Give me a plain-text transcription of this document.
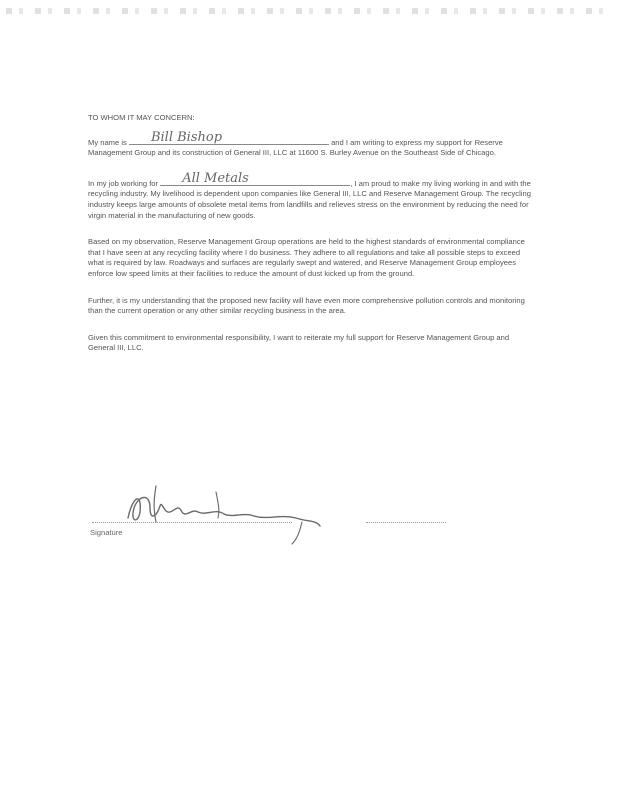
TO WHOM IT MAY CONCERN:

My name is Bill Bishop	and I am writing to express my support for Reserve Management Group and its construction of General III, LLC at 11600 S. Burley Avenue on the Southeast Side of Chicago.

In my job working for All Metals	, I am proud to make my living working in and with the recycling industry. My livelihood is dependent upon companies like General III, LLC and Reserve Management Group. The recycling industry keeps large amounts of obsolete metal items from landfills and relieves stress on the environment by reducing the need for virgin material in the manufacturing of new goods.

Based on my observation, Reserve Management Group operations are held to the highest standards of environmental compliance that I have seen at any recycling facility where I do business. They adhere to all regulations and take all possible steps to exceed what is required by law. Roadways and surfaces are regularly swept and watered, and Reserve Management Group employees enforce low speed limits at their facilities to reduce the amount of dust kicked up from the ground.

Further, it is my understanding that the proposed new facility will have even more comprehensive pollution controls and monitoring than the current operation or any other similar recycling business in the area.

Given this commitment to environmental responsibility, I want to reiterate my full support for Reserve Management Group and General III, LLC.

Signature
